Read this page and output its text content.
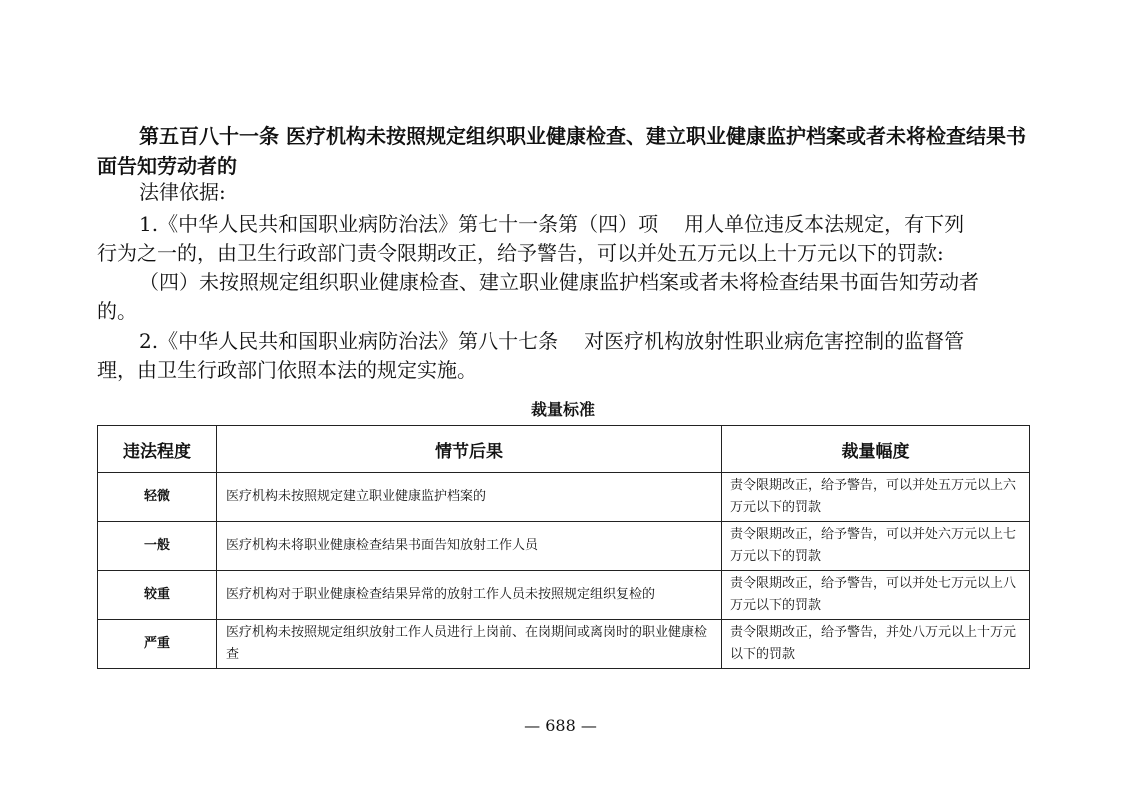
第五百八十一条 医疗机构未按照规定组织职业健康检查、建立职业健康监护档案或者未将检查结果书面告知劳动者的

法律依据:

1.《中华人民共和国职业病防治法》第七十一条第（四）项 用人单位违反本法规定，有下列

行为之一的，由卫生行政部门责令限期改正，给予警告，可以并处五万元以上十万元以下的罚款:

（四）未按照规定组织职业健康检查、建立职业健康监护档案或者未将检查结果书面告知劳动者

的。

2.《中华人民共和国职业病防治法》第八十七条 对医疗机构放射性职业病危害控制的监督管

理，由卫生行政部门依照本法的规定实施。

裁量标准
违法程度	情节后果	裁量幅度
轻微	医疗机构未按照规定建立职业健康监护档案的	责令限期改正，给予警告，可以并处五万元以上六万元以下的罚款
一般	医疗机构未将职业健康检查结果书面告知放射工作人员	责令限期改正，给予警告，可以并处六万元以上七万元以下的罚款
较重	医疗机构对于职业健康检查结果异常的放射工作人员未按照规定组织复检的	责令限期改正，给予警告，可以并处七万元以上八万元以下的罚款
严重	医疗机构未按照规定组织放射工作人员进行上岗前、在岗期间或离岗时的职业健康检查	责令限期改正，给予警告，并处八万元以上十万元以下的罚款
— 688 —
